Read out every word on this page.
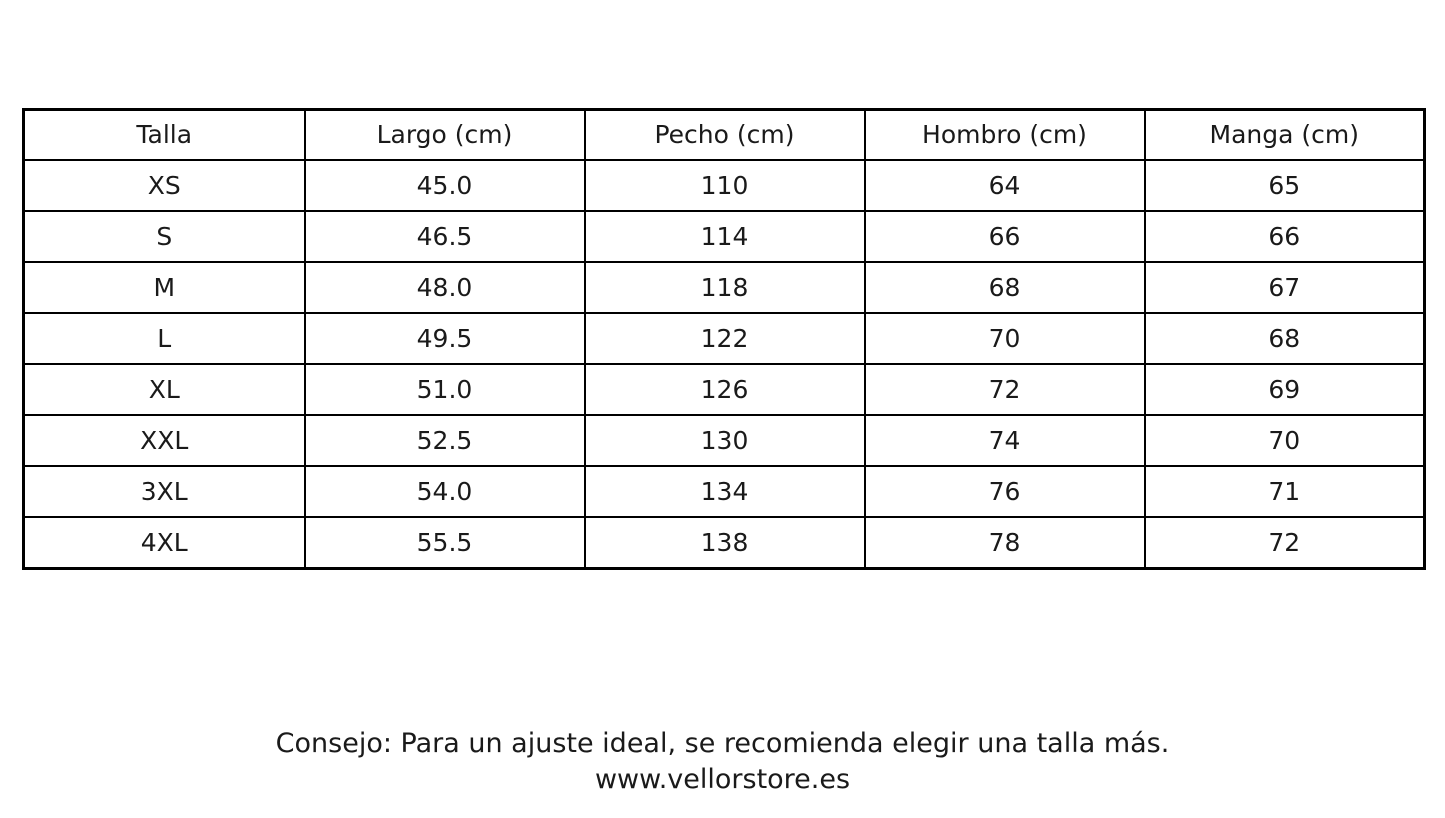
Talla	Largo (cm)	Pecho (cm)	Hombro (cm)	Manga (cm)
XS	45.0	110	64	65
S	46.5	114	66	66
M	48.0	118	68	67
L	49.5	122	70	68
XL	51.0	126	72	69
XXL	52.5	130	74	70
3XL	54.0	134	76	71
4XL	55.5	138	78	72
Consejo: Para un ajuste ideal, se recomienda elegir una talla más.
www.vellorstore.es
